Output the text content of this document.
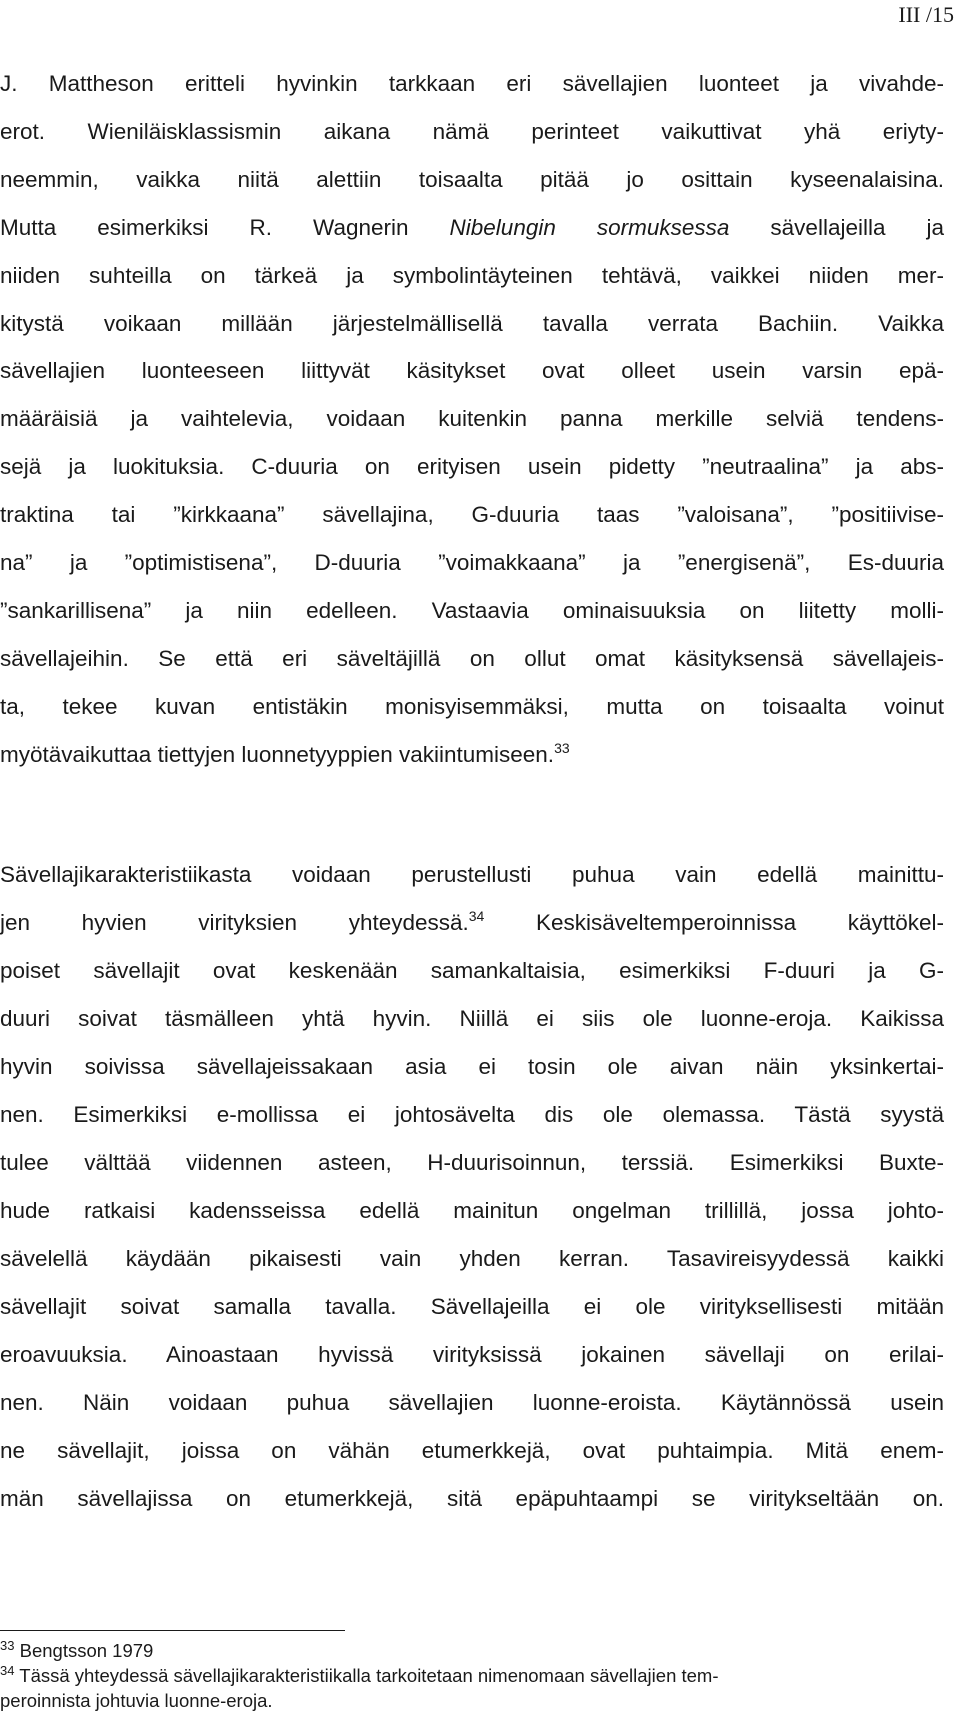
III /15
J. Mattheson eritteli hyvinkin tarkkaan eri sävellajien luonteet ja vivahde-
erot. Wieniläisklassismin aikana nämä perinteet vaikuttivat yhä eriyty-
neemmin, vaikka niitä alettiin toisaalta pitää jo osittain kyseenalaisina.
Mutta esimerkiksi R. Wagnerin Nibelungin sormuksessa sävellajeilla ja
niiden suhteilla on tärkeä ja symbolintäyteinen tehtävä, vaikkei niiden mer-
kitystä voikaan millään järjestelmällisellä tavalla verrata Bachiin. Vaikka
sävellajien luonteeseen liittyvät käsitykset ovat olleet usein varsin epä-
määräisiä ja vaihtelevia, voidaan kuitenkin panna merkille selviä tendens-
sejä ja luokituksia. C-duuria on erityisen usein pidetty ”neutraalina” ja abs-
traktina tai ”kirkkaana” sävellajina, G-duuria taas ”valoisana”, ”positiivise-
na” ja ”optimistisena”, D-duuria ”voimakkaana” ja ”energisenä”, Es-duuria
”sankarillisena” ja niin edelleen. Vastaavia ominaisuuksia on liitetty molli-
sävellajeihin. Se että eri säveltäjillä on ollut omat käsityksensä sävellajeis-
ta, tekee kuvan entistäkin monisyisemmäksi, mutta on toisaalta voinut
myötävaikuttaa tiettyjen luonnetyyppien vakiintumiseen.$^{33}$
Sävellajikarakteristiikasta voidaan perustellusti puhua vain edellä mainittu-
jen hyvien virityksien yhteydessä.$^{34}$ Keskisäveltemperoinnissa käyttökel-
poiset sävellajit ovat keskenään samankaltaisia, esimerkiksi F-duuri ja G-
duuri soivat täsmälleen yhtä hyvin. Niillä ei siis ole luonne-eroja. Kaikissa
hyvin soivissa sävellajeissakaan asia ei tosin ole aivan näin yksinkertai-
nen. Esimerkiksi e-mollissa ei johtosävelta dis ole olemassa. Tästä syystä
tulee välttää viidennen asteen, H-duurisoinnun, terssiä. Esimerkiksi Buxte-
hude ratkaisi kadensseissa edellä mainitun ongelman trillillä, jossa johto-
sävelellä käydään pikaisesti vain yhden kerran. Tasavireisyydessä kaikki
sävellajit soivat samalla tavalla. Sävellajeilla ei ole virityksellisesti mitään
eroavuuksia. Ainoastaan hyvissä virityksissä jokainen sävellaji on erilai-
nen. Näin voidaan puhua sävellajien luonne-eroista. Käytännössä usein
ne sävellajit, joissa on vähän etumerkkejä, ovat puhtaimpia. Mitä enem-
män sävellajissa on etumerkkejä, sitä epäpuhtaampi se viritykseltään on.
$^{33}$ Bengtsson 1979
$^{34}$ Tässä yhteydessä sävellajikarakteristiikalla tarkoitetaan nimenomaan sävellajien tem-
peroinnista johtuvia luonne-eroja.
